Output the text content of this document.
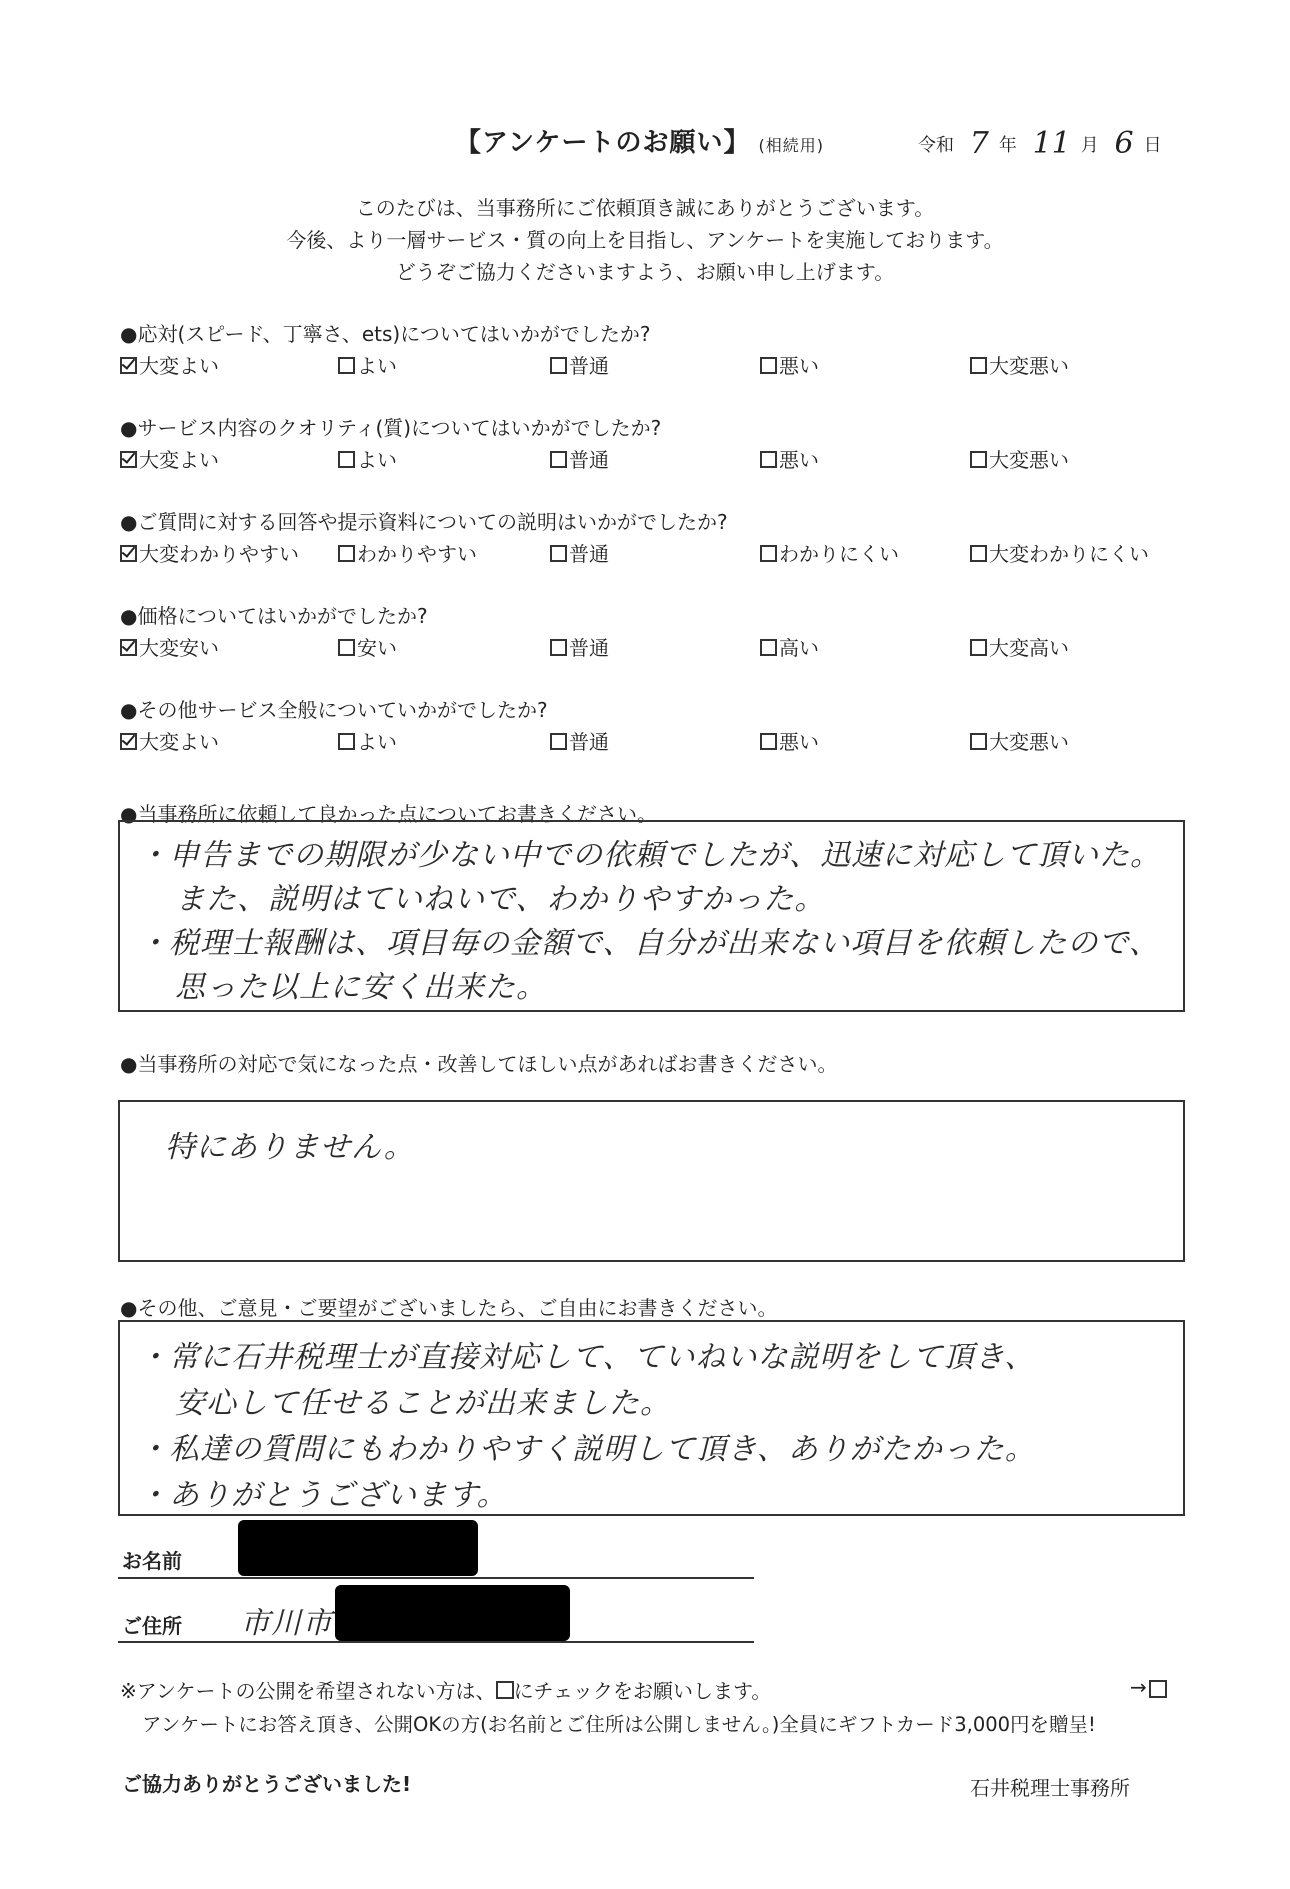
【アンケートのお願い】 (相続用)	令和 7 年 11 月 6 日
このたびは、当事務所にご依頼頂き誠にありがとうございます。
今後、より一層サービス・質の向上を目指し、アンケートを実施しております。
どうぞご協力くださいますよう、お願い申し上げます。
●応対(スピード、丁寧さ、ets)についてはいかがでしたか?
大変よい	よい	普通	悪い	大変悪い
●サービス内容のクオリティ(質)についてはいかがでしたか?
大変よい	よい	普通	悪い	大変悪い
●ご質問に対する回答や提示資料についての説明はいかがでしたか?
大変わかりやすい	わかりやすい	普通	わかりにくい	大変わかりにくい
●価格についてはいかがでしたか?
大変安い	安い	普通	高い	大変高い
●その他サービス全般についていかがでしたか?
大変よい	よい	普通	悪い	大変悪い
●当事務所に依頼して良かった点についてお書きください。
・申告までの期限が少ない中での依頼でしたが、迅速に対応して頂いた。
また、説明はていねいで、わかりやすかった。
・税理士報酬は、項目毎の金額で、自分が出来ない項目を依頼したので、
思った以上に安く出来た。
●当事務所の対応で気になった点・改善してほしい点があればお書きください。
特にありません。
●その他、ご意見・ご要望がございましたら、ご自由にお書きください。
・常に石井税理士が直接対応して、ていねいな説明をして頂き、
安心して任せることが出来ました。
・私達の質問にもわかりやすく説明して頂き、ありがたかった。
・ありがとうございます。
お名前
ご住所 市川市
※アンケートの公開を希望されない方は、 にチェックをお願いします。	→
アンケートにお答え頂き、公開OKの方(お名前とご住所は公開しません。)全員にギフトカード3,000円を贈呈!
ご協力ありがとうございました!	石井税理士事務所
